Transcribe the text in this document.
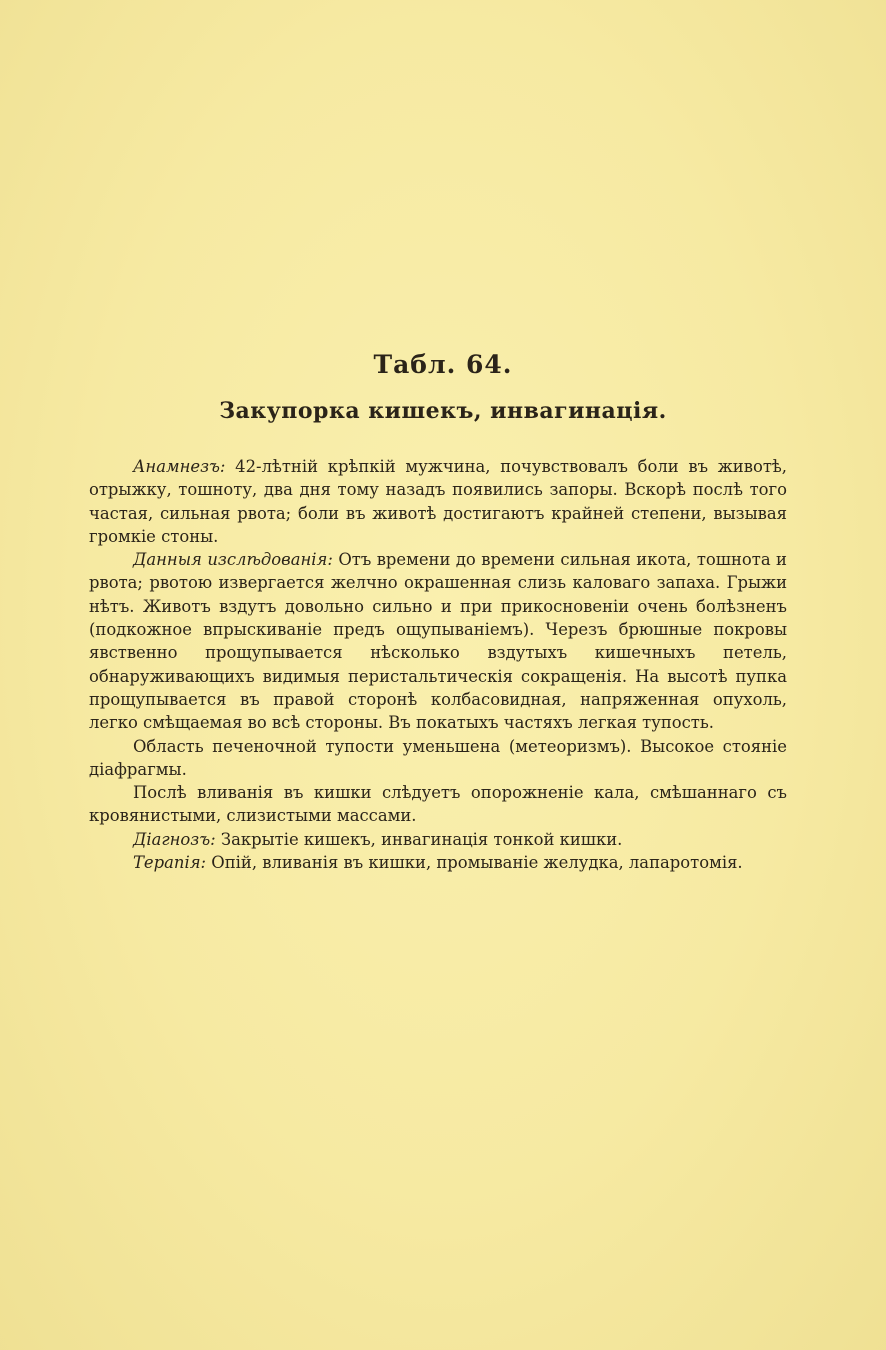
Табл. 64.
Закупорка кишекъ, инвагинація.

Анамнезъ: 42-лѣтній крѣпкій мужчина, почувствовалъ боли въ животѣ, отрыжку, тошноту, два дня тому назадъ появились запоры. Вскорѣ послѣ того частая, сильная рвота; боли въ животѣ достигаютъ крайней степени, вызывая громкіе стоны.

Данныя изслѣдованія: Отъ времени до времени сильная икота, тошнота и рвота; рвотою извергается желчно окрашенная слизь каловаго запаха. Грыжи нѣтъ. Животъ вздутъ довольно сильно и при прикосновеніи очень болѣзненъ (подкожное впрыскиваніе предъ ощупываніемъ). Черезъ брюшные покровы явственно прощупывается нѣсколько вздутыхъ кишечныхъ петель, обнаруживающихъ видимыя перистальтическія сокращенія. На высотѣ пупка прощупывается въ правой сторонѣ колбасовидная, напряженная опухоль, легко смѣщаемая во всѣ стороны. Въ покатыхъ частяхъ легкая тупость.

Область печеночной тупости уменьшена (метеоризмъ). Высокое стояніе діафрагмы.

Послѣ вливанія въ кишки слѣдуетъ опорожненіе кала, смѣшаннаго съ кровянистыми, слизистыми массами.

Діагнозъ: Закрытіе кишекъ, инвагинація тонкой кишки.

Терапія: Опій, вливанія въ кишки, промываніе желудка, лапаротомія.
